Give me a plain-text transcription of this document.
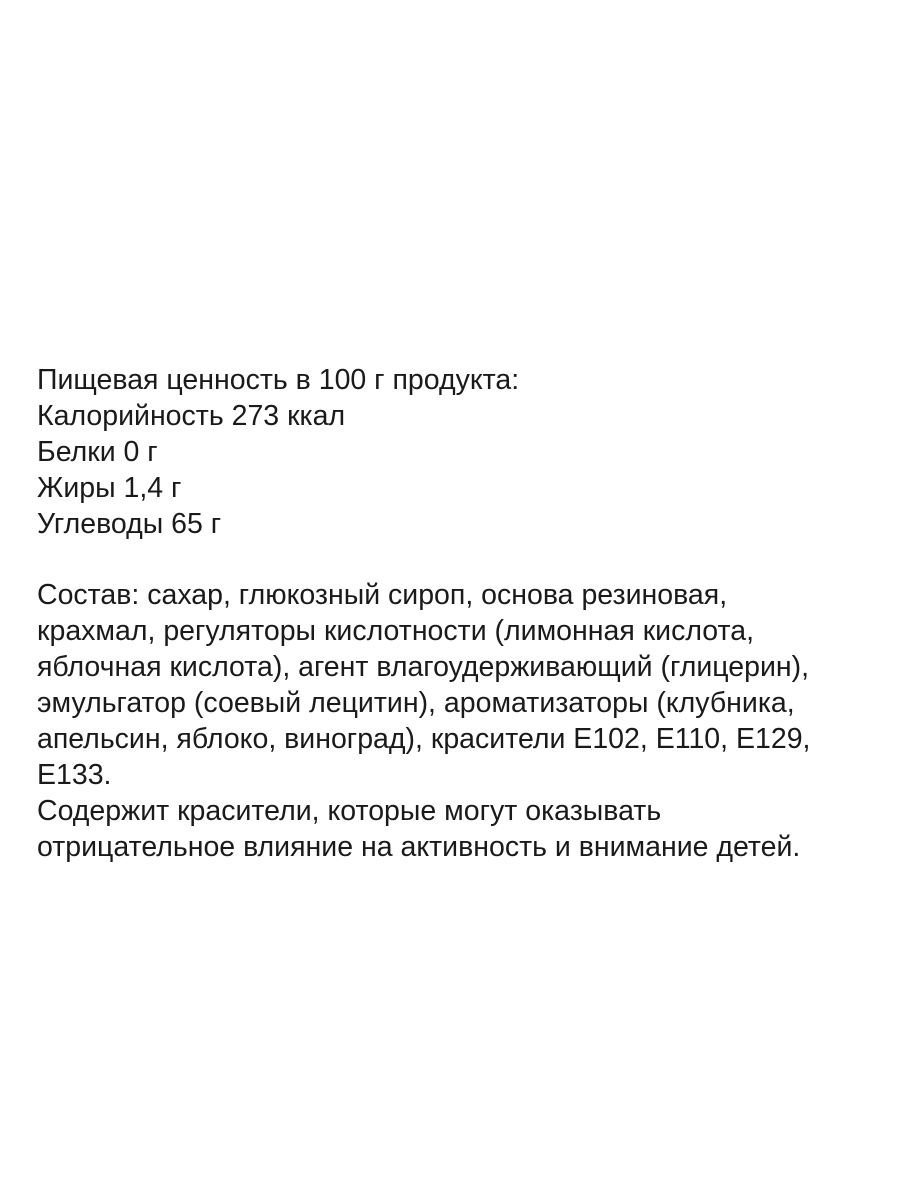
Пищевая ценность в 100 г продукта:
Калорийность 273 ккал
Белки 0 г
Жиры 1,4 г
Углеводы 65 г
Состав: сахар, глюкозный сироп, основа резиновая,
крахмал, регуляторы кислотности (лимонная кислота,
яблочная кислота), агент влагоудерживающий (глицерин),
эмульгатор (соевый лецитин), ароматизаторы (клубника,
апельсин, яблоко, виноград), красители Е102, Е110, Е129,
Е133.
Содержит красители, которые могут оказывать
отрицательное влияние на активность и внимание детей.
